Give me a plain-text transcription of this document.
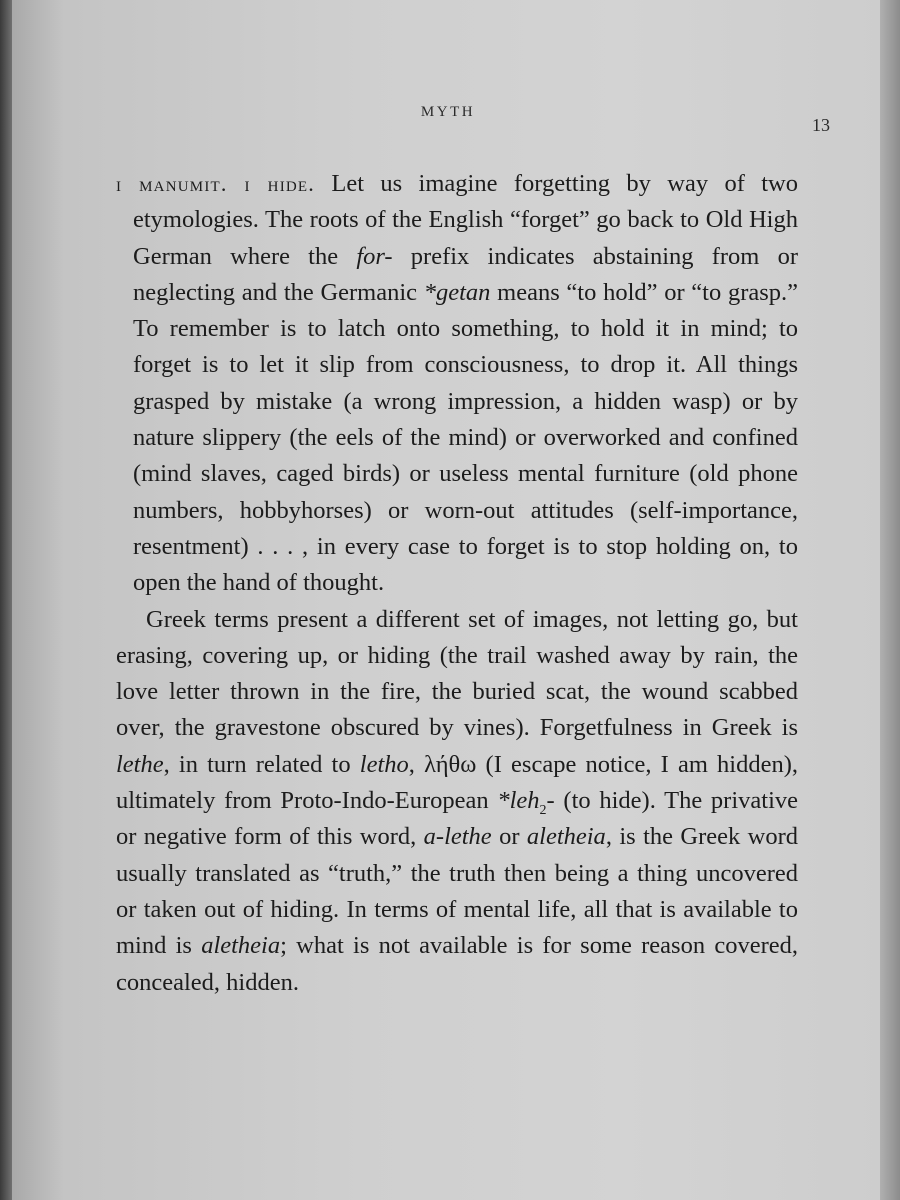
MYTH
13

i manumit. i hide. Let us imagine forgetting by way of two etymologies. The roots of the English “forget” go back to Old High German where the for- prefix indicates abstaining from or neglecting and the Germanic *getan means “to hold” or “to grasp.” To remember is to latch onto something, to hold it in mind; to forget is to let it slip from consciousness, to drop it. All things grasped by mistake (a wrong impression, a hidden wasp) or by nature slippery (the eels of the mind) or overworked and confined (mind slaves, caged birds) or useless mental furniture (old phone numbers, hobbyhorses) or worn-out attitudes (self-importance, resentment) . . . , in every case to forget is to stop holding on, to open the hand of thought.

Greek terms present a different set of images, not letting go, but erasing, covering up, or hiding (the trail washed away by rain, the love letter thrown in the fire, the buried scat, the wound scabbed over, the gravestone obscured by vines). Forgetfulness in Greek is lethe, in turn related to letho, λήθω (I escape notice, I am hidden), ultimately from Proto-Indo-European *leh$_2$- (to hide). The privative or negative form of this word, a-lethe or aletheia, is the Greek word usually translated as “truth,” the truth then being a thing uncovered or taken out of hiding. In terms of mental life, all that is available to mind is aletheia; what is not available is for some reason covered, concealed, hidden.
